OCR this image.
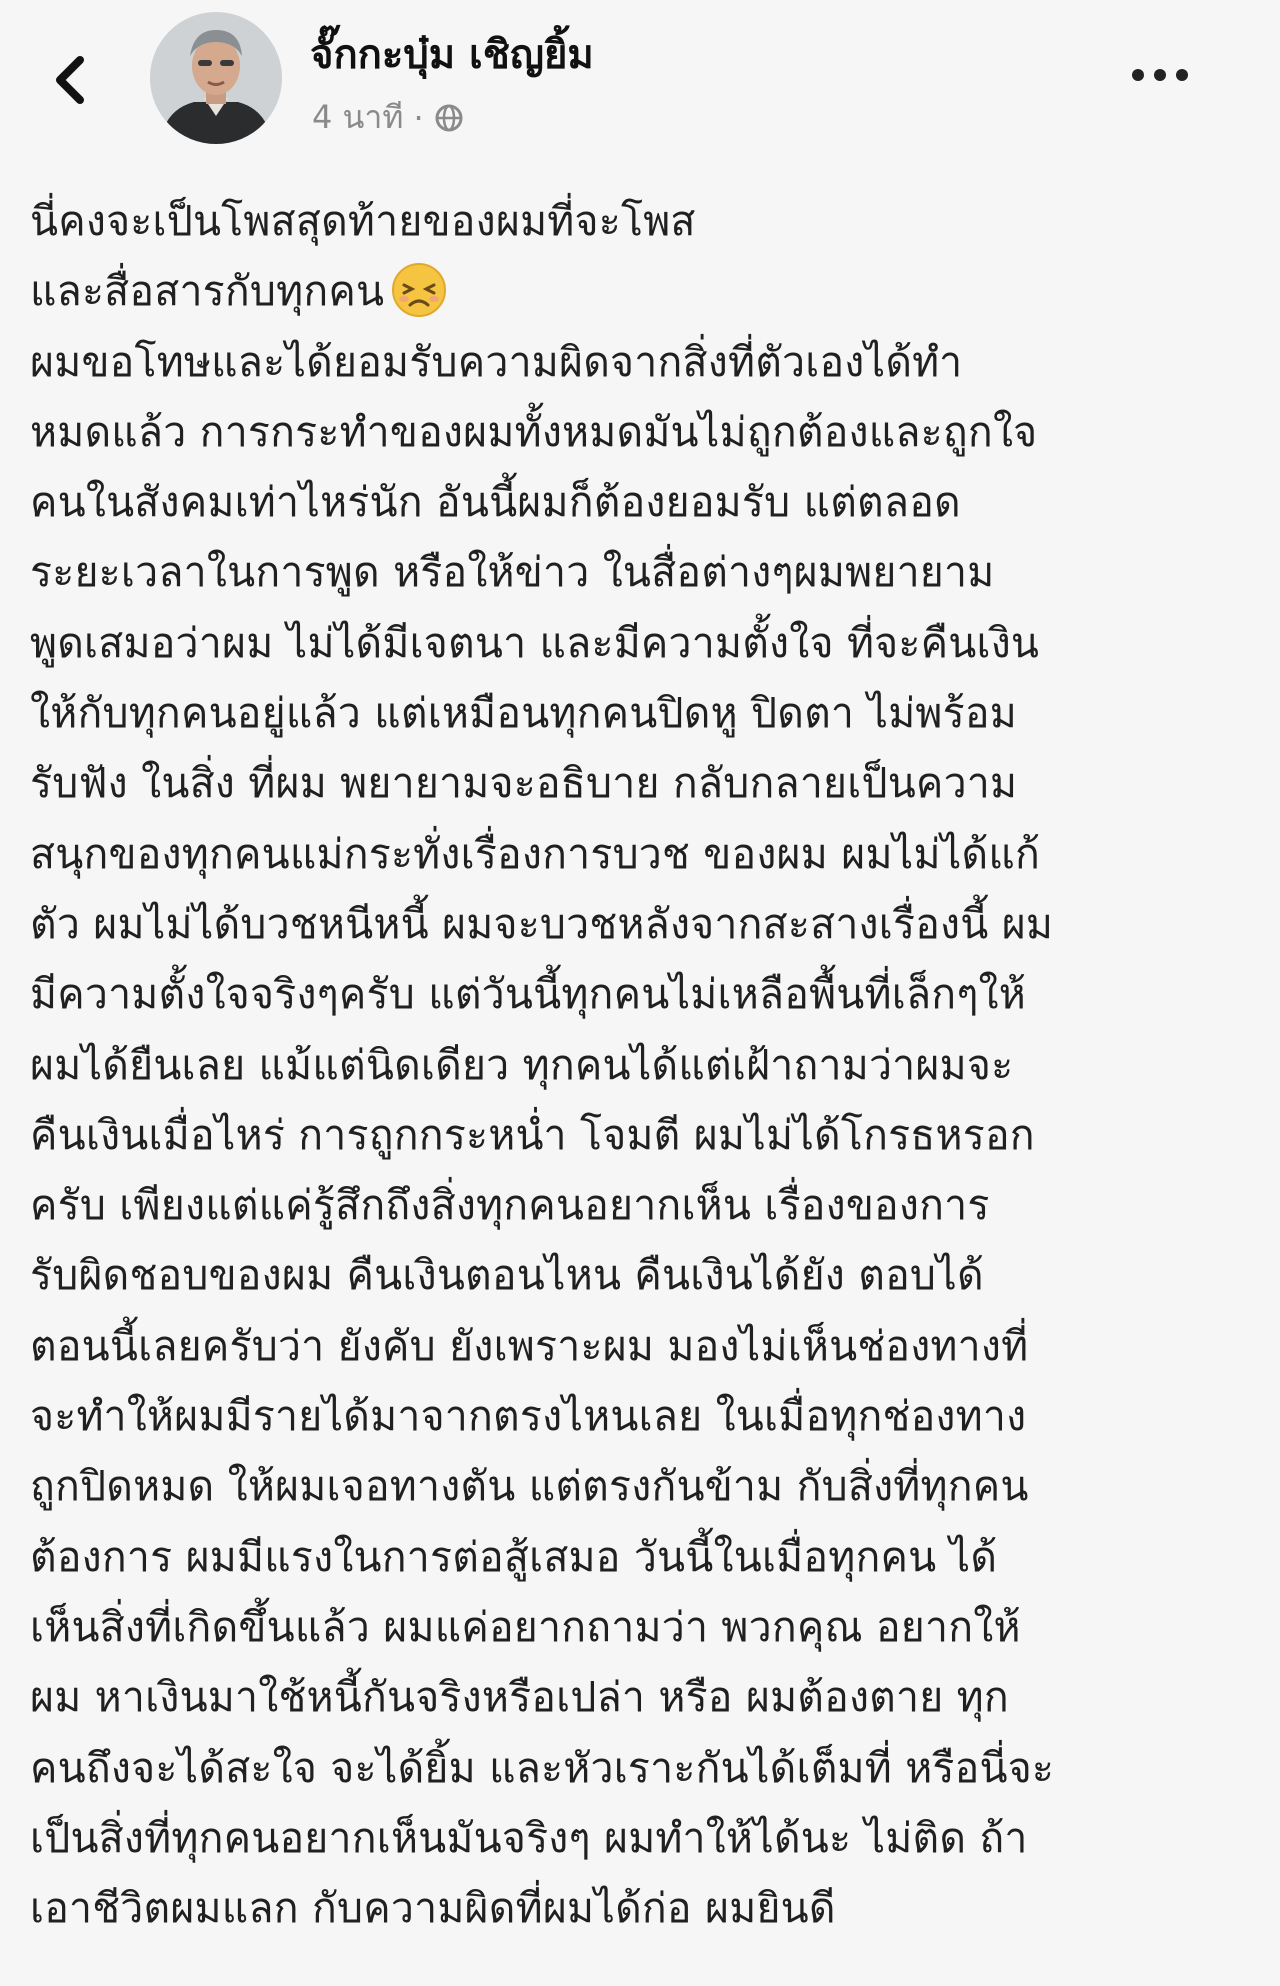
จั๊กกะบุ๋ม เชิญยิ้ม
4 นาที ·
นี่คงจะเป็นโพสสุดท้ายของผมที่จะโพส
และสื่อสารกับทุกคน
ผมขอโทษและได้ยอมรับความผิดจากสิ่งที่ตัวเองได้ทำ
หมดแล้ว การกระทำของผมทั้งหมดมันไม่ถูกต้องและถูกใจ
คนในสังคมเท่าไหร่นัก อันนี้ผมก็ต้องยอมรับ แต่ตลอด
ระยะเวลาในการพูด หรือให้ข่าว ในสื่อต่างๆผมพยายาม
พูดเสมอว่าผม ไม่ได้มีเจตนา และมีความตั้งใจ ที่จะคืนเงิน
ให้กับทุกคนอยู่แล้ว แต่เหมือนทุกคนปิดหู ปิดตา ไม่พร้อม
รับฟัง ในสิ่ง ที่ผม พยายามจะอธิบาย กลับกลายเป็นความ
สนุกของทุกคนแม่กระทั่งเรื่องการบวช ของผม ผมไม่ได้แก้
ตัว ผมไม่ได้บวชหนีหนี้ ผมจะบวชหลังจากสะสางเรื่องนี้ ผม
มีความตั้งใจจริงๆครับ แต่วันนี้ทุกคนไม่เหลือพื้นที่เล็กๆให้
ผมได้ยืนเลย แม้แต่นิดเดียว ทุกคนได้แต่เฝ้าถามว่าผมจะ
คืนเงินเมื่อไหร่ การถูกกระหน่ำ โจมตี ผมไม่ได้โกรธหรอก
ครับ เพียงแต่แค่รู้สึกถึงสิ่งทุกคนอยากเห็น เรื่องของการ
รับผิดชอบของผม คืนเงินตอนไหน คืนเงินได้ยัง ตอบได้
ตอนนี้เลยครับว่า ยังคับ ยังเพราะผม มองไม่เห็นช่องทางที่
จะทำให้ผมมีรายได้มาจากตรงไหนเลย ในเมื่อทุกช่องทาง
ถูกปิดหมด ให้ผมเจอทางตัน แต่ตรงกันข้าม กับสิ่งที่ทุกคน
ต้องการ ผมมีแรงในการต่อสู้เสมอ วันนี้ในเมื่อทุกคน ได้
เห็นสิ่งที่เกิดขึ้นแล้ว ผมแค่อยากถามว่า พวกคุณ อยากให้
ผม หาเงินมาใช้หนี้กันจริงหรือเปล่า หรือ ผมต้องตาย ทุก
คนถึงจะได้สะใจ จะได้ยิ้ม และหัวเราะกันได้เต็มที่ หรือนี่จะ
เป็นสิ่งที่ทุกคนอยากเห็นมันจริงๆ ผมทำให้ได้นะ ไม่ติด ถ้า
เอาชีวิตผมแลก กับความผิดที่ผมได้ก่อ ผมยินดี
